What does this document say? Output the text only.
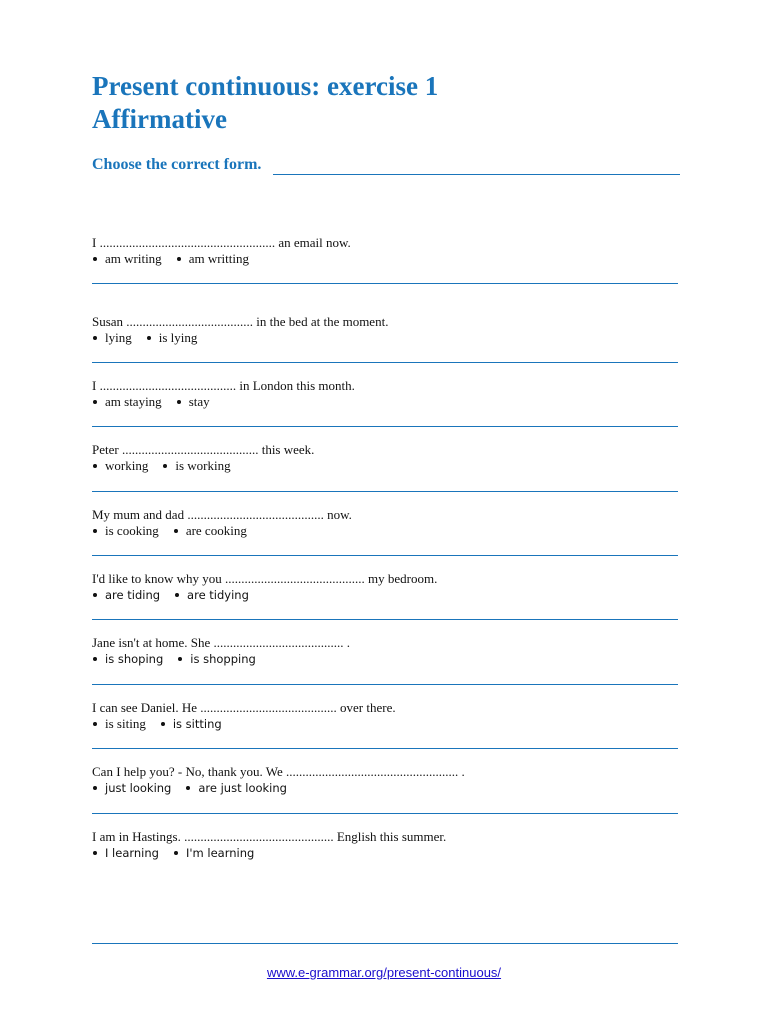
Present continuous: exercise 1
Affirmative
Choose the correct form.
I ...................................................... an email now.
am writing am writting
Susan ....................................... in the bed at the moment.
lying is lying
I .......................................... in London this month.
am staying stay
Peter .......................................... this week.
working is working
My mum and dad .......................................... now.
is cooking are cooking
I'd like to know why you ........................................... my bedroom.
are tiding are tidying
Jane isn't at home. She ........................................ .
is shoping is shopping
I can see Daniel. He .......................................... over there.
is siting is sitting
Can I help you? - No, thank you. We ..................................................... .
just looking are just looking
I am in Hastings. .............................................. English this summer.
I learning I'm learning
www.e-grammar.org/present-continuous/
